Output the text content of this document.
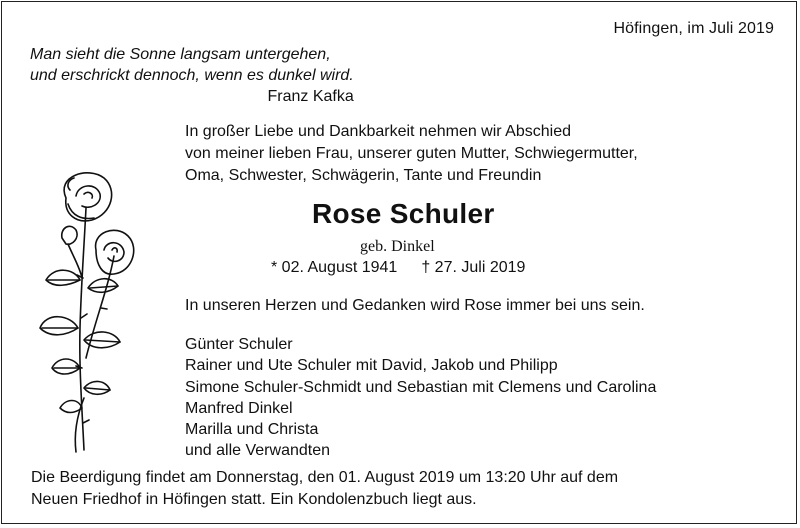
Höfingen, im Juli 2019
Man sieht die Sonne langsam untergehen,
und erschrickt dennoch, wenn es dunkel wird.
Franz Kafka
In großer Liebe und Dankbarkeit nehmen wir Abschied
von meiner lieben Frau, unserer guten Mutter, Schwiegermutter,
Oma, Schwester, Schwägerin, Tante und Freundin
Rose Schuler
geb. Dinkel
* 02. August 1941 † 27. Juli 2019
In unseren Herzen und Gedanken wird Rose immer bei uns sein.
Günter Schuler
Rainer und Ute Schuler mit David, Jakob und Philipp
Simone Schuler-Schmidt und Sebastian mit Clemens und Carolina
Manfred Dinkel
Marilla und Christa
und alle Verwandten
Die Beerdigung findet am Donnerstag, den 01. August 2019 um 13:20 Uhr auf dem
Neuen Friedhof in Höfingen statt. Ein Kondolenzbuch liegt aus.
